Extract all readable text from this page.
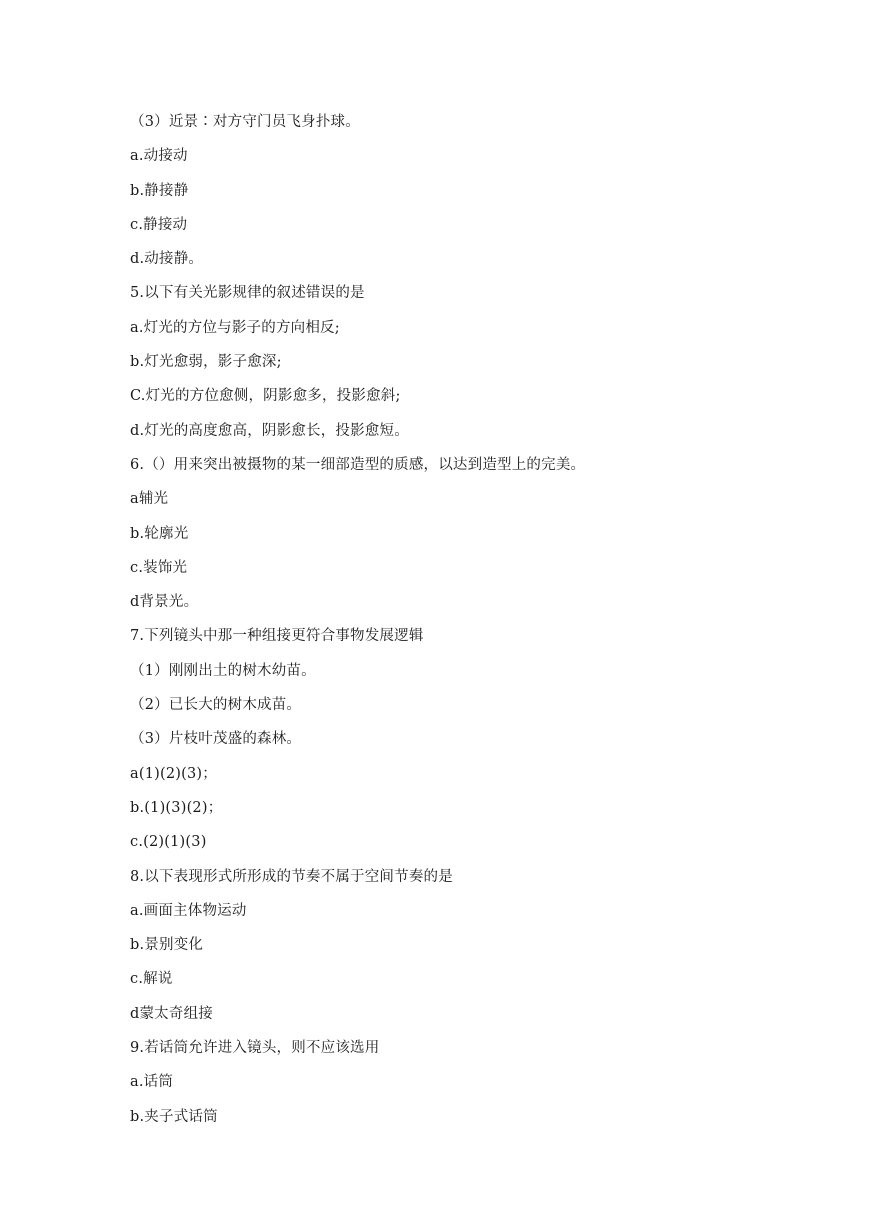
（3）近景∶对方守门员飞身扑球。
a.动接动
b.静接静
c.静接动
d.动接静。
5.以下有关光影规律的叙述错误的是
a.灯光的方位与影子的方向相反;
b.灯光愈弱，影子愈深;
C.灯光的方位愈侧，阴影愈多，投影愈斜;
d.灯光的高度愈高，阴影愈长，投影愈短。
6.（）用来突出被摄物的某一细部造型的质感，以达到造型上的完美。
a辅光
b.轮廓光
c.装饰光
d背景光。
7.下列镜头中那一种组接更符合事物发展逻辑
（1）刚刚出土的树木幼苗。
（2）已长大的树木成苗。
（3）片枝叶茂盛的森林。
a(1)(2)(3)；
b.(1)(3)(2)；
c.(2)(1)(3)
8.以下表现形式所形成的节奏不属于空间节奏的是
a.画面主体物运动
b.景别变化
c.解说
d蒙太奇组接
9.若话筒允许进入镜头，则不应该选用
a.话筒
b.夹子式话筒
